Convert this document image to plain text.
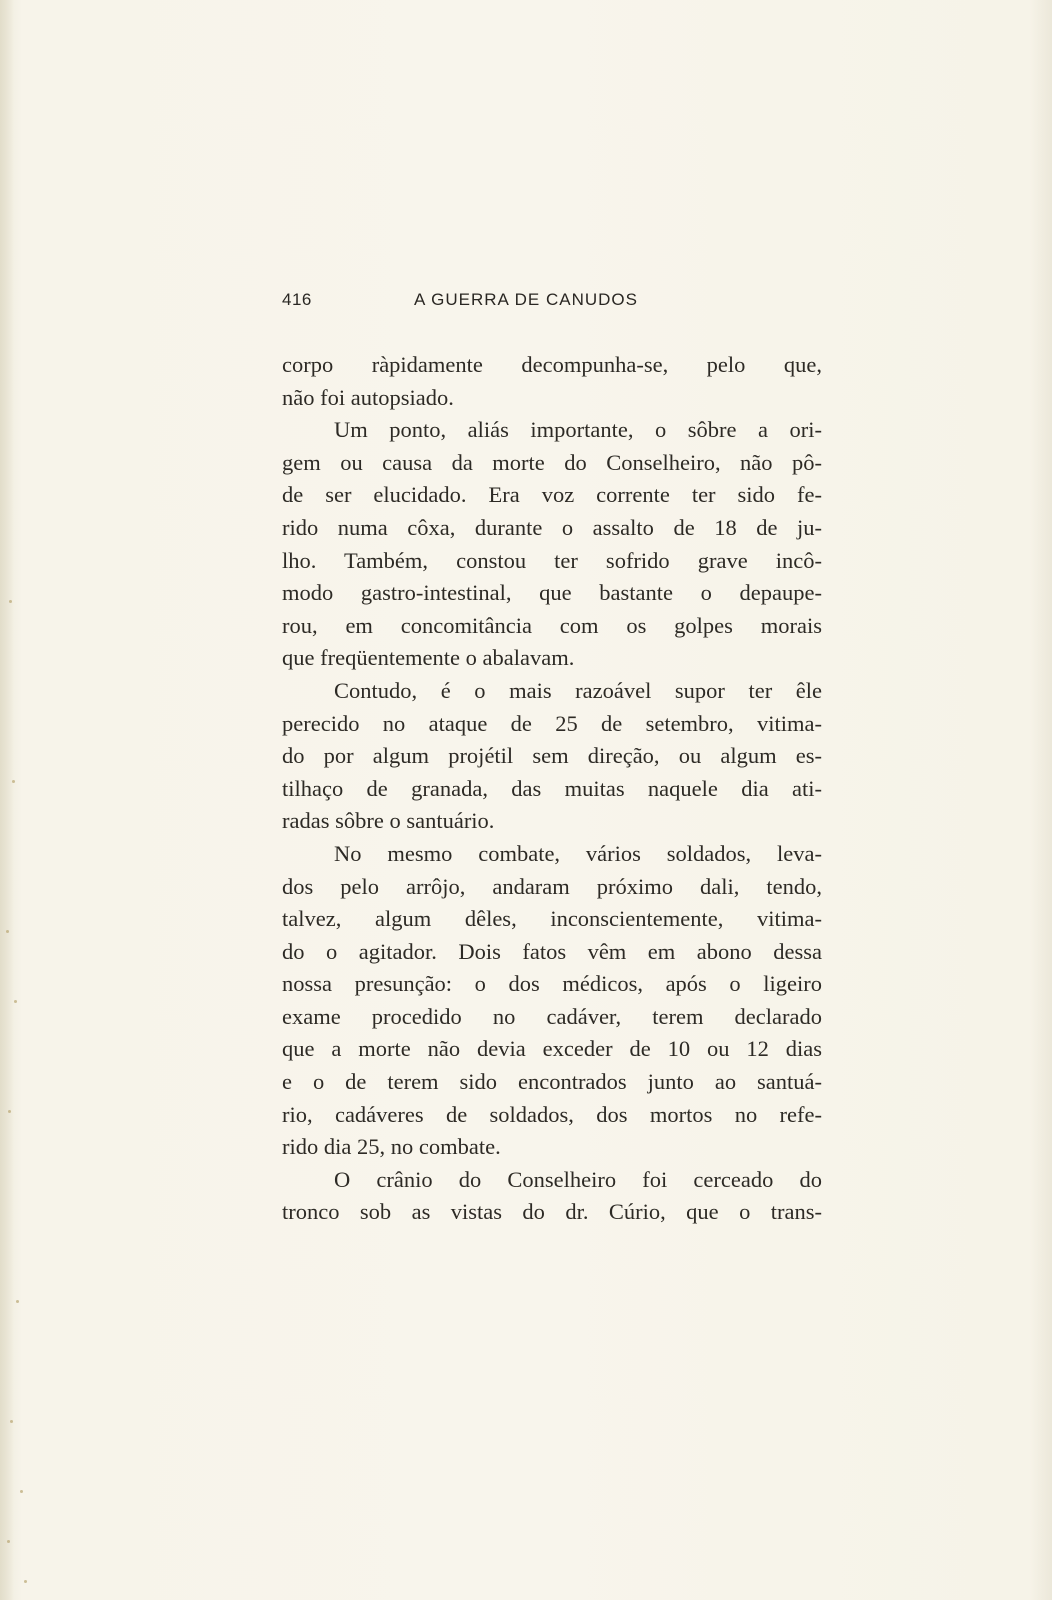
416	A GUERRA DE CANUDOS
corpo ràpidamente decompunha-se, pelo que,
não foi autopsiado.
Um ponto, aliás importante, o sôbre a ori-
gem ou causa da morte do Conselheiro, não pô-
de ser elucidado. Era voz corrente ter sido fe-
rido numa côxa, durante o assalto de 18 de ju-
lho. Também, constou ter sofrido grave incô-
modo gastro-intestinal, que bastante o depaupe-
rou, em concomitância com os golpes morais
que freqüentemente o abalavam.
Contudo, é o mais razoável supor ter êle
perecido no ataque de 25 de setembro, vitima-
do por algum projétil sem direção, ou algum es-
tilhaço de granada, das muitas naquele dia ati-
radas sôbre o santuário.
No mesmo combate, vários soldados, leva-
dos pelo arrôjo, andaram próximo dali, tendo,
talvez, algum dêles, inconscientemente, vitima-
do o agitador. Dois fatos vêm em abono dessa
nossa presunção: o dos médicos, após o ligeiro
exame procedido no cadáver, terem declarado
que a morte não devia exceder de 10 ou 12 dias
e o de terem sido encontrados junto ao santuá-
rio, cadáveres de soldados, dos mortos no refe-
rido dia 25, no combate.
O crânio do Conselheiro foi cerceado do
tronco sob as vistas do dr. Cúrio, que o trans-
